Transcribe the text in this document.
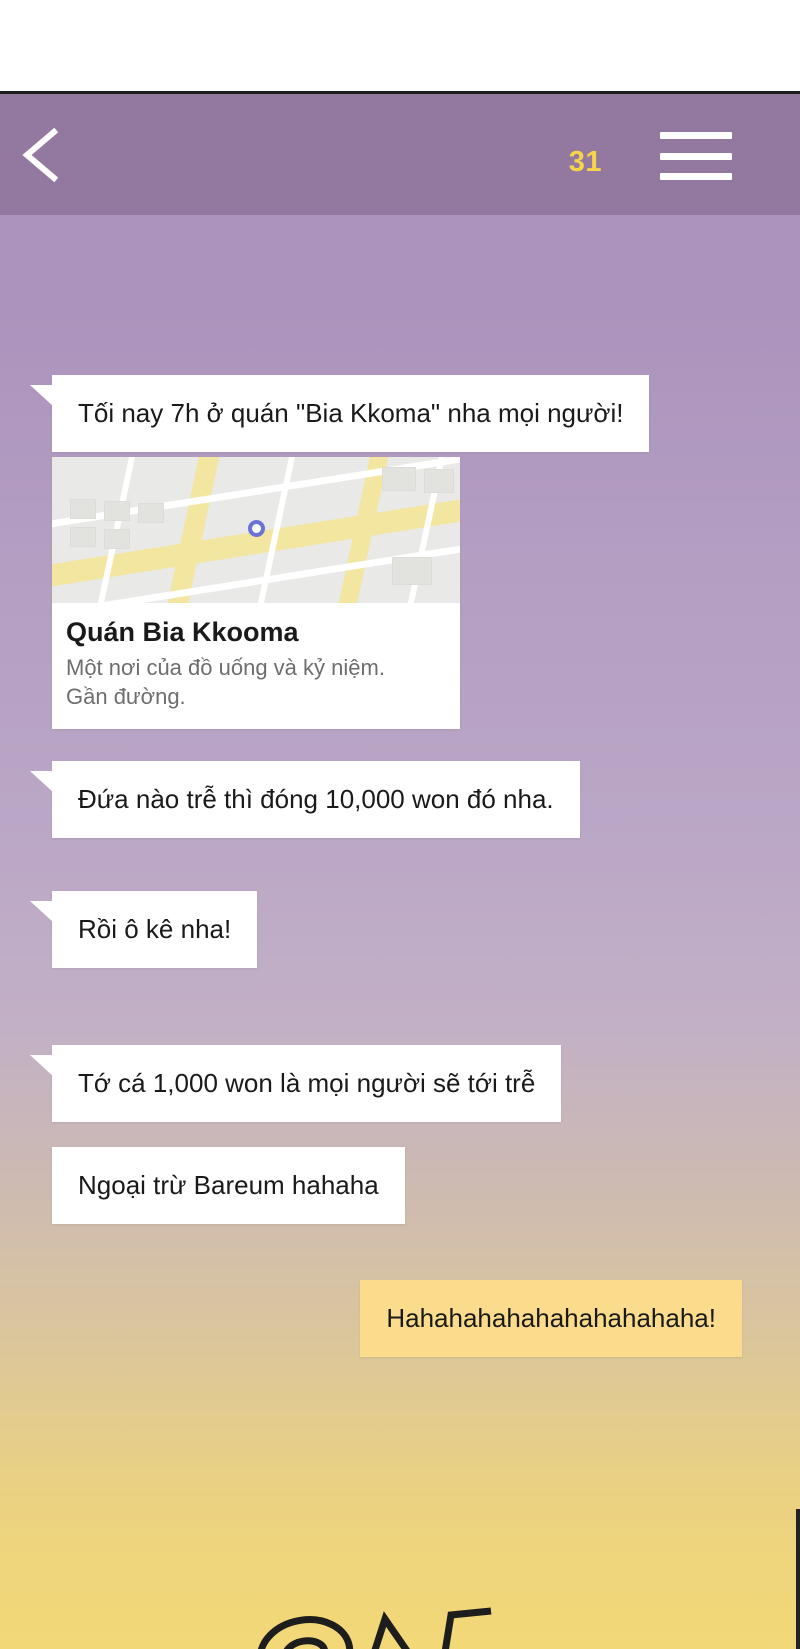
31
Tối nay 7h ở quán "Bia Kkoma" nha mọi người!
Quán Bia Kkooma
Một nơi của đồ uống và kỷ niệm.
Gần đường.
Đứa nào trễ thì đóng 10,000 won đó nha.
Rồi ô kê nha!
Tớ cá 1,000 won là mọi người sẽ tới trễ
Ngoại trừ Bareum hahaha
Hahahahahahahahahahaha!
